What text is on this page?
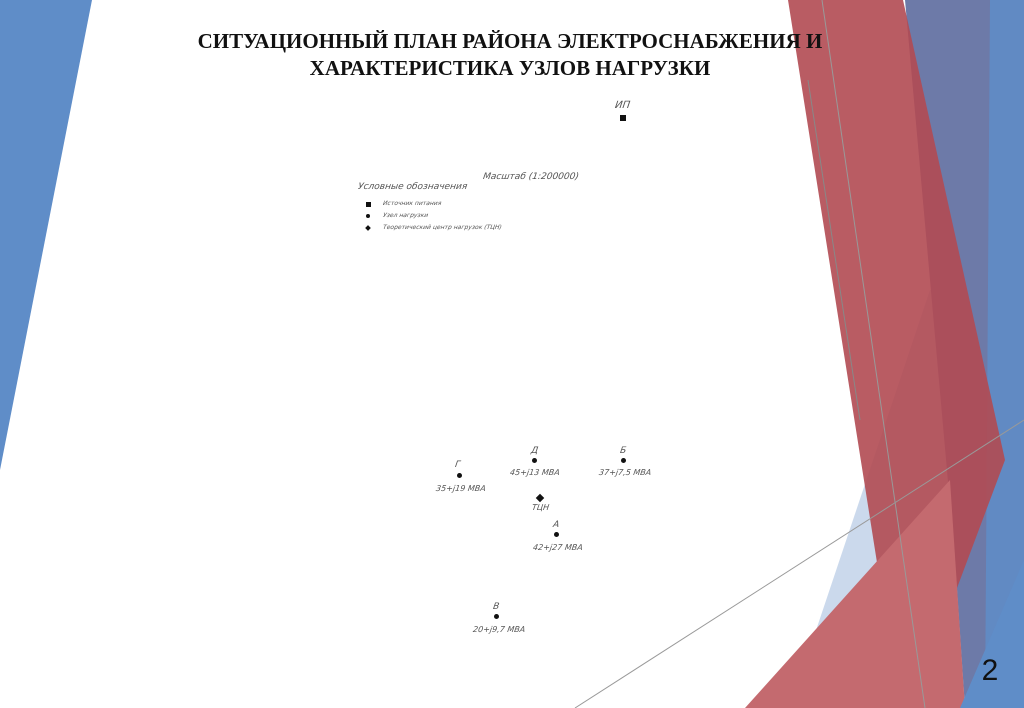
СИТУАЦИОННЫЙ ПЛАН РАЙОНА ЭЛЕКТРОСНАБЖЕНИЯ И
ХАРАКТЕРИСТИКА УЗЛОВ НАГРУЗКИ
ИП
Масштаб (1:200000)
Условные обозначения
Источник питания
Узел нагрузки
Теоретический центр нагрузок (ТЦН)
Г
35+j19 МВА
Д
45+j13 МВА
Б
37+j7,5 МВА
ТЦН
А
42+j27 МВА
В
20+j9,7 МВА
2
